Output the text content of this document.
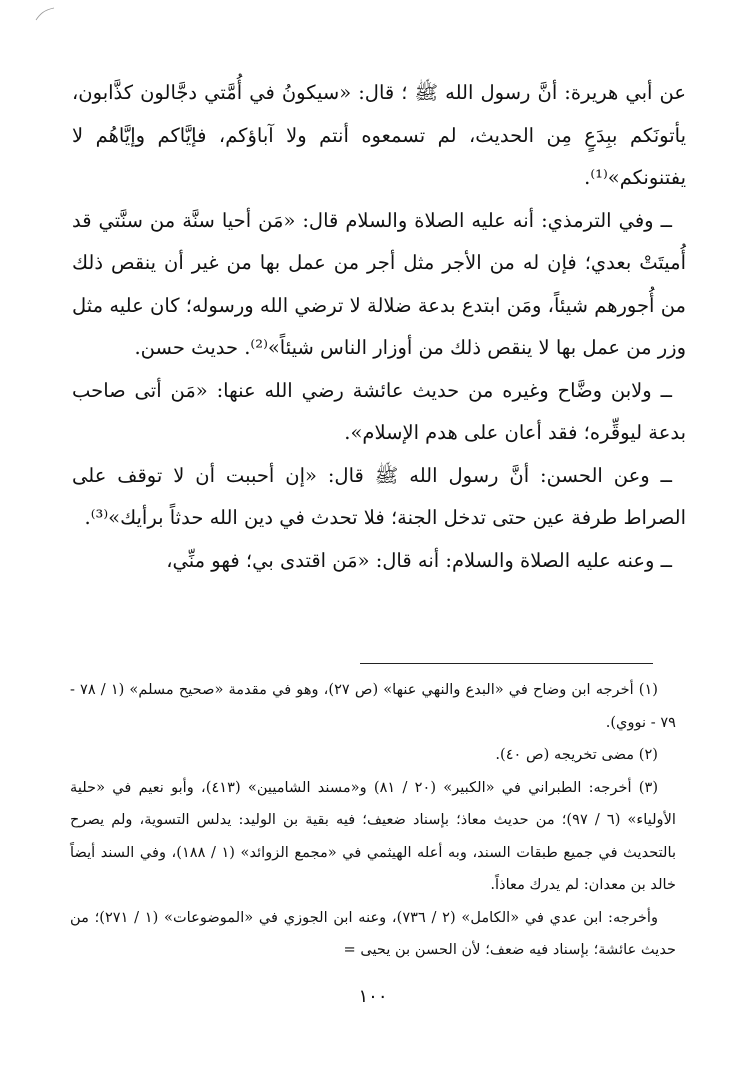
عن أبي هريرة: أنَّ رسول الله ﷺ ؛ قال: «سيكونُ في أُمَّتي دجَّالون كذَّابون، يأتونَكم ببِدَعٍ مِن الحديث، لم تسمعوه أنتم ولا آباؤكم، فإيَّاكم وإيَّاهُم لا يفتنونكم»⁽¹⁾.

ــ وفي الترمذي: أنه عليه الصلاة والسلام قال: «مَن أحيا سنَّة من سنَّتي قد أُميتَتْ بعدي؛ فإن له من الأجر مثل أجر من عمل بها من غير أن ينقص ذلك من أُجورهم شيئاً، ومَن ابتدع بدعة ضلالة لا ترضي الله ورسوله؛ كان عليه مثل وزر من عمل بها لا ينقص ذلك من أوزار الناس شيئاً»⁽²⁾. حديث حسن.

ــ ولابن وضَّاح وغيره من حديث عائشة رضي الله عنها: «مَن أتى صاحب بدعة ليوقِّره؛ فقد أعان على هدم الإسلام».

ــ وعن الحسن: أنَّ رسول الله ﷺ قال: «إن أحببت أن لا توقف على الصراط طرفة عين حتى تدخل الجنة؛ فلا تحدث في دين الله حدثاً برأيك»⁽³⁾.

ــ وعنه عليه الصلاة والسلام: أنه قال: «مَن اقتدى بي؛ فهو منِّي،

(١) أخرجه ابن وضاح في «البدع والنهي عنها» (ص ٢٧)، وهو في مقدمة «صحيح مسلم» (١ / ٧٨ - ٧٩ - نووي).

(٢) مضى تخريجه (ص ٤٠).

(٣) أخرجه: الطبراني في «الكبير» (٢٠ / ٨١) و«مسند الشاميين» (٤١٣)، وأبو نعيم في «حلية الأولياء» (٦ / ٩٧)؛ من حديث معاذ؛ بإسناد ضعيف؛ فيه بقية بن الوليد: يدلس التسوية، ولم يصرح بالتحديث في جميع طبقات السند، وبه أعله الهيثمي في «مجمع الزوائد» (١ / ١٨٨)، وفي السند أيضاً خالد بن معدان: لم يدرك معاذاً.

وأخرجه: ابن عدي في «الكامل» (٢ / ٧٣٦)، وعنه ابن الجوزي في «الموضوعات» (١ / ٢٧١)؛ من حديث عائشة؛ بإسناد فيه ضعف؛ لأن الحسن بن يحيى =

١٠٠
